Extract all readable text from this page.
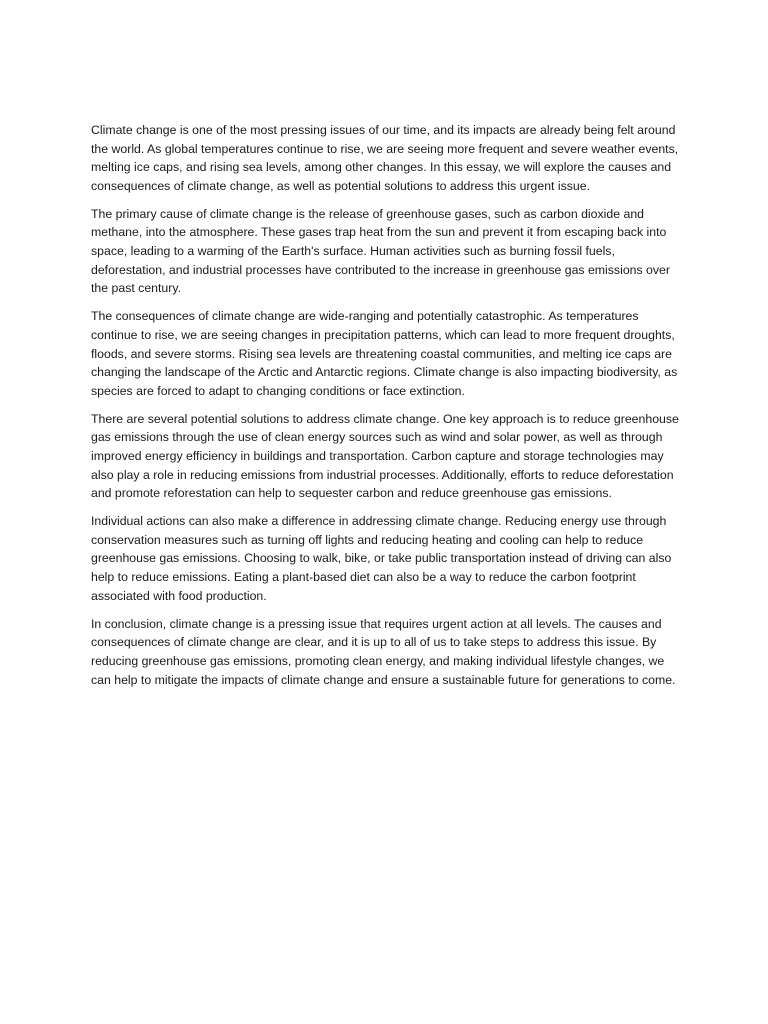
Climate change is one of the most pressing issues of our time, and its impacts are already being felt around the world. As global temperatures continue to rise, we are seeing more frequent and severe weather events, melting ice caps, and rising sea levels, among other changes. In this essay, we will explore the causes and consequences of climate change, as well as potential solutions to address this urgent issue.

The primary cause of climate change is the release of greenhouse gases, such as carbon dioxide and methane, into the atmosphere. These gases trap heat from the sun and prevent it from escaping back into space, leading to a warming of the Earth's surface. Human activities such as burning fossil fuels, deforestation, and industrial processes have contributed to the increase in greenhouse gas emissions over the past century.

The consequences of climate change are wide-ranging and potentially catastrophic. As temperatures continue to rise, we are seeing changes in precipitation patterns, which can lead to more frequent droughts, floods, and severe storms. Rising sea levels are threatening coastal communities, and melting ice caps are changing the landscape of the Arctic and Antarctic regions. Climate change is also impacting biodiversity, as species are forced to adapt to changing conditions or face extinction.

There are several potential solutions to address climate change. One key approach is to reduce greenhouse gas emissions through the use of clean energy sources such as wind and solar power, as well as through improved energy efficiency in buildings and transportation. Carbon capture and storage technologies may also play a role in reducing emissions from industrial processes. Additionally, efforts to reduce deforestation and promote reforestation can help to sequester carbon and reduce greenhouse gas emissions.

Individual actions can also make a difference in addressing climate change. Reducing energy use through conservation measures such as turning off lights and reducing heating and cooling can help to reduce greenhouse gas emissions. Choosing to walk, bike, or take public transportation instead of driving can also help to reduce emissions. Eating a plant-based diet can also be a way to reduce the carbon footprint associated with food production.

In conclusion, climate change is a pressing issue that requires urgent action at all levels. The causes and consequences of climate change are clear, and it is up to all of us to take steps to address this issue. By reducing greenhouse gas emissions, promoting clean energy, and making individual lifestyle changes, we can help to mitigate the impacts of climate change and ensure a sustainable future for generations to come.
